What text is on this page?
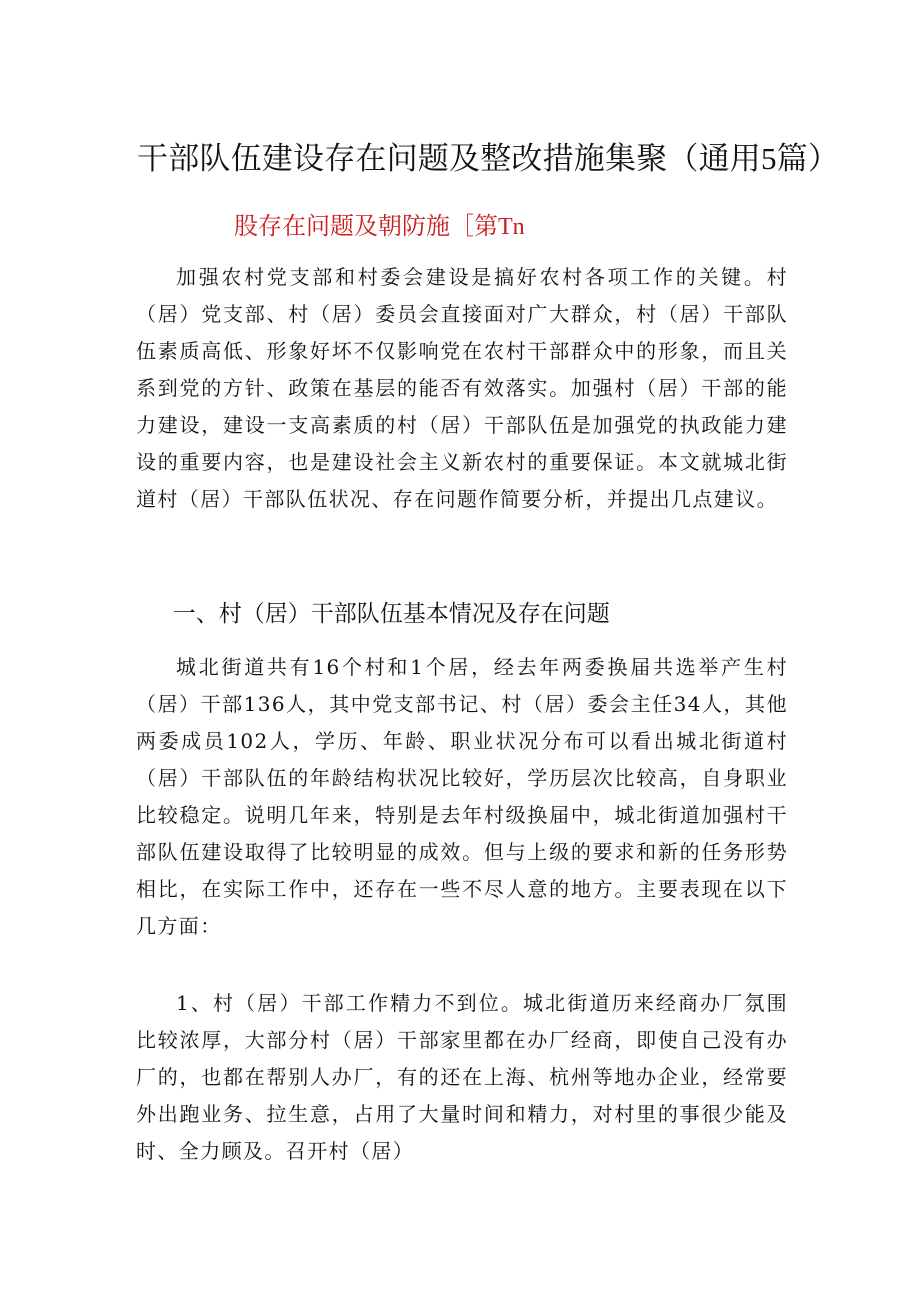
干部队伍建设存在问题及整改措施集聚（通用5篇）
股存在问题及朝防施［第Tn
加强农村党支部和村委会建设是搞好农村各项工作的关键。村（居）党支部、村（居）委员会直接面对广大群众，村（居）干部队伍素质高低、形象好坏不仅影响党在农村干部群众中的形象，而且关系到党的方针、政策在基层的能否有效落实。加强村（居）干部的能力建设，建设一支高素质的村（居）干部队伍是加强党的执政能力建设的重要内容，也是建设社会主义新农村的重要保证。本文就城北街道村（居）干部队伍状况、存在问题作简要分析，并提出几点建议。
一、村（居）干部队伍基本情况及存在问题
城北街道共有16个村和1个居，经去年两委换届共选举产生村（居）干部136人，其中党支部书记、村（居）委会主任34人，其他两委成员102人，学历、年龄、职业状况分布可以看出城北街道村（居）干部队伍的年龄结构状况比较好，学历层次比较高，自身职业比较稳定。说明几年来，特别是去年村级换届中，城北街道加强村干部队伍建设取得了比较明显的成效。但与上级的要求和新的任务形势相比，在实际工作中，还存在一些不尽人意的地方。主要表现在以下几方面：
1、村（居）干部工作精力不到位。城北街道历来经商办厂氛围比较浓厚，大部分村（居）干部家里都在办厂经商，即使自己没有办厂的，也都在帮别人办厂，有的还在上海、杭州等地办企业，经常要外出跑业务、拉生意，占用了大量时间和精力，对村里的事很少能及时、全力顾及。召开村（居）
